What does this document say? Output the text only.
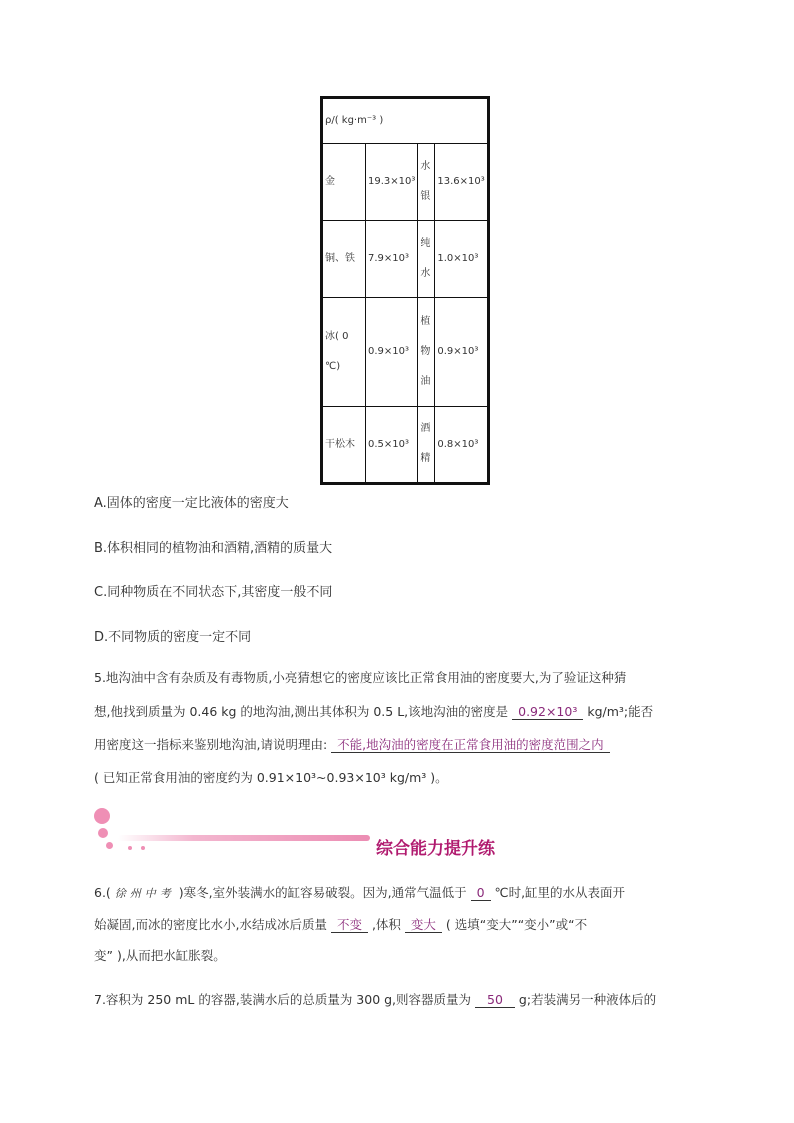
ρ/( kg·m⁻³ )			
金	19.3×10³	水银	13.6×10³
铜、铁	7.9×10³	纯水	1.0×10³
冰( 0 ℃)	0.9×10³	植物油	0.9×10³
干松木	0.5×10³	酒精	0.8×10³
A.固体的密度一定比液体的密度大
B.体积相同的植物油和酒精,酒精的质量大
C.同种物质在不同状态下,其密度一般不同
D.不同物质的密度一定不同
5.地沟油中含有杂质及有毒物质,小亮猜想它的密度应该比正常食用油的密度要大,为了验证这种猜
想,他找到质量为 0.46 kg 的地沟油,测出其体积为 0.5 L,该地沟油的密度是 0.92×10³ kg/m³;能否
用密度这一指标来鉴别地沟油,请说明理由: 不能,地沟油的密度在正常食用油的密度范围之内
( 已知正常食用油的密度约为 0.91×10³~0.93×10³ kg/m³ )。
综合能力提升练
6.( 徐州中考 )寒冬,室外装满水的缸容易破裂。因为,通常气温低于 0 ℃时,缸里的水从表面开
始凝固,而冰的密度比水小,水结成冰后质量 不变 ,体积 变大 ( 选填“变大”“变小”或“不
变” ),从而把水缸胀裂。
7.容积为 250 mL 的容器,装满水后的总质量为 300 g,则容器质量为 50 g;若装满另一种液体后的
